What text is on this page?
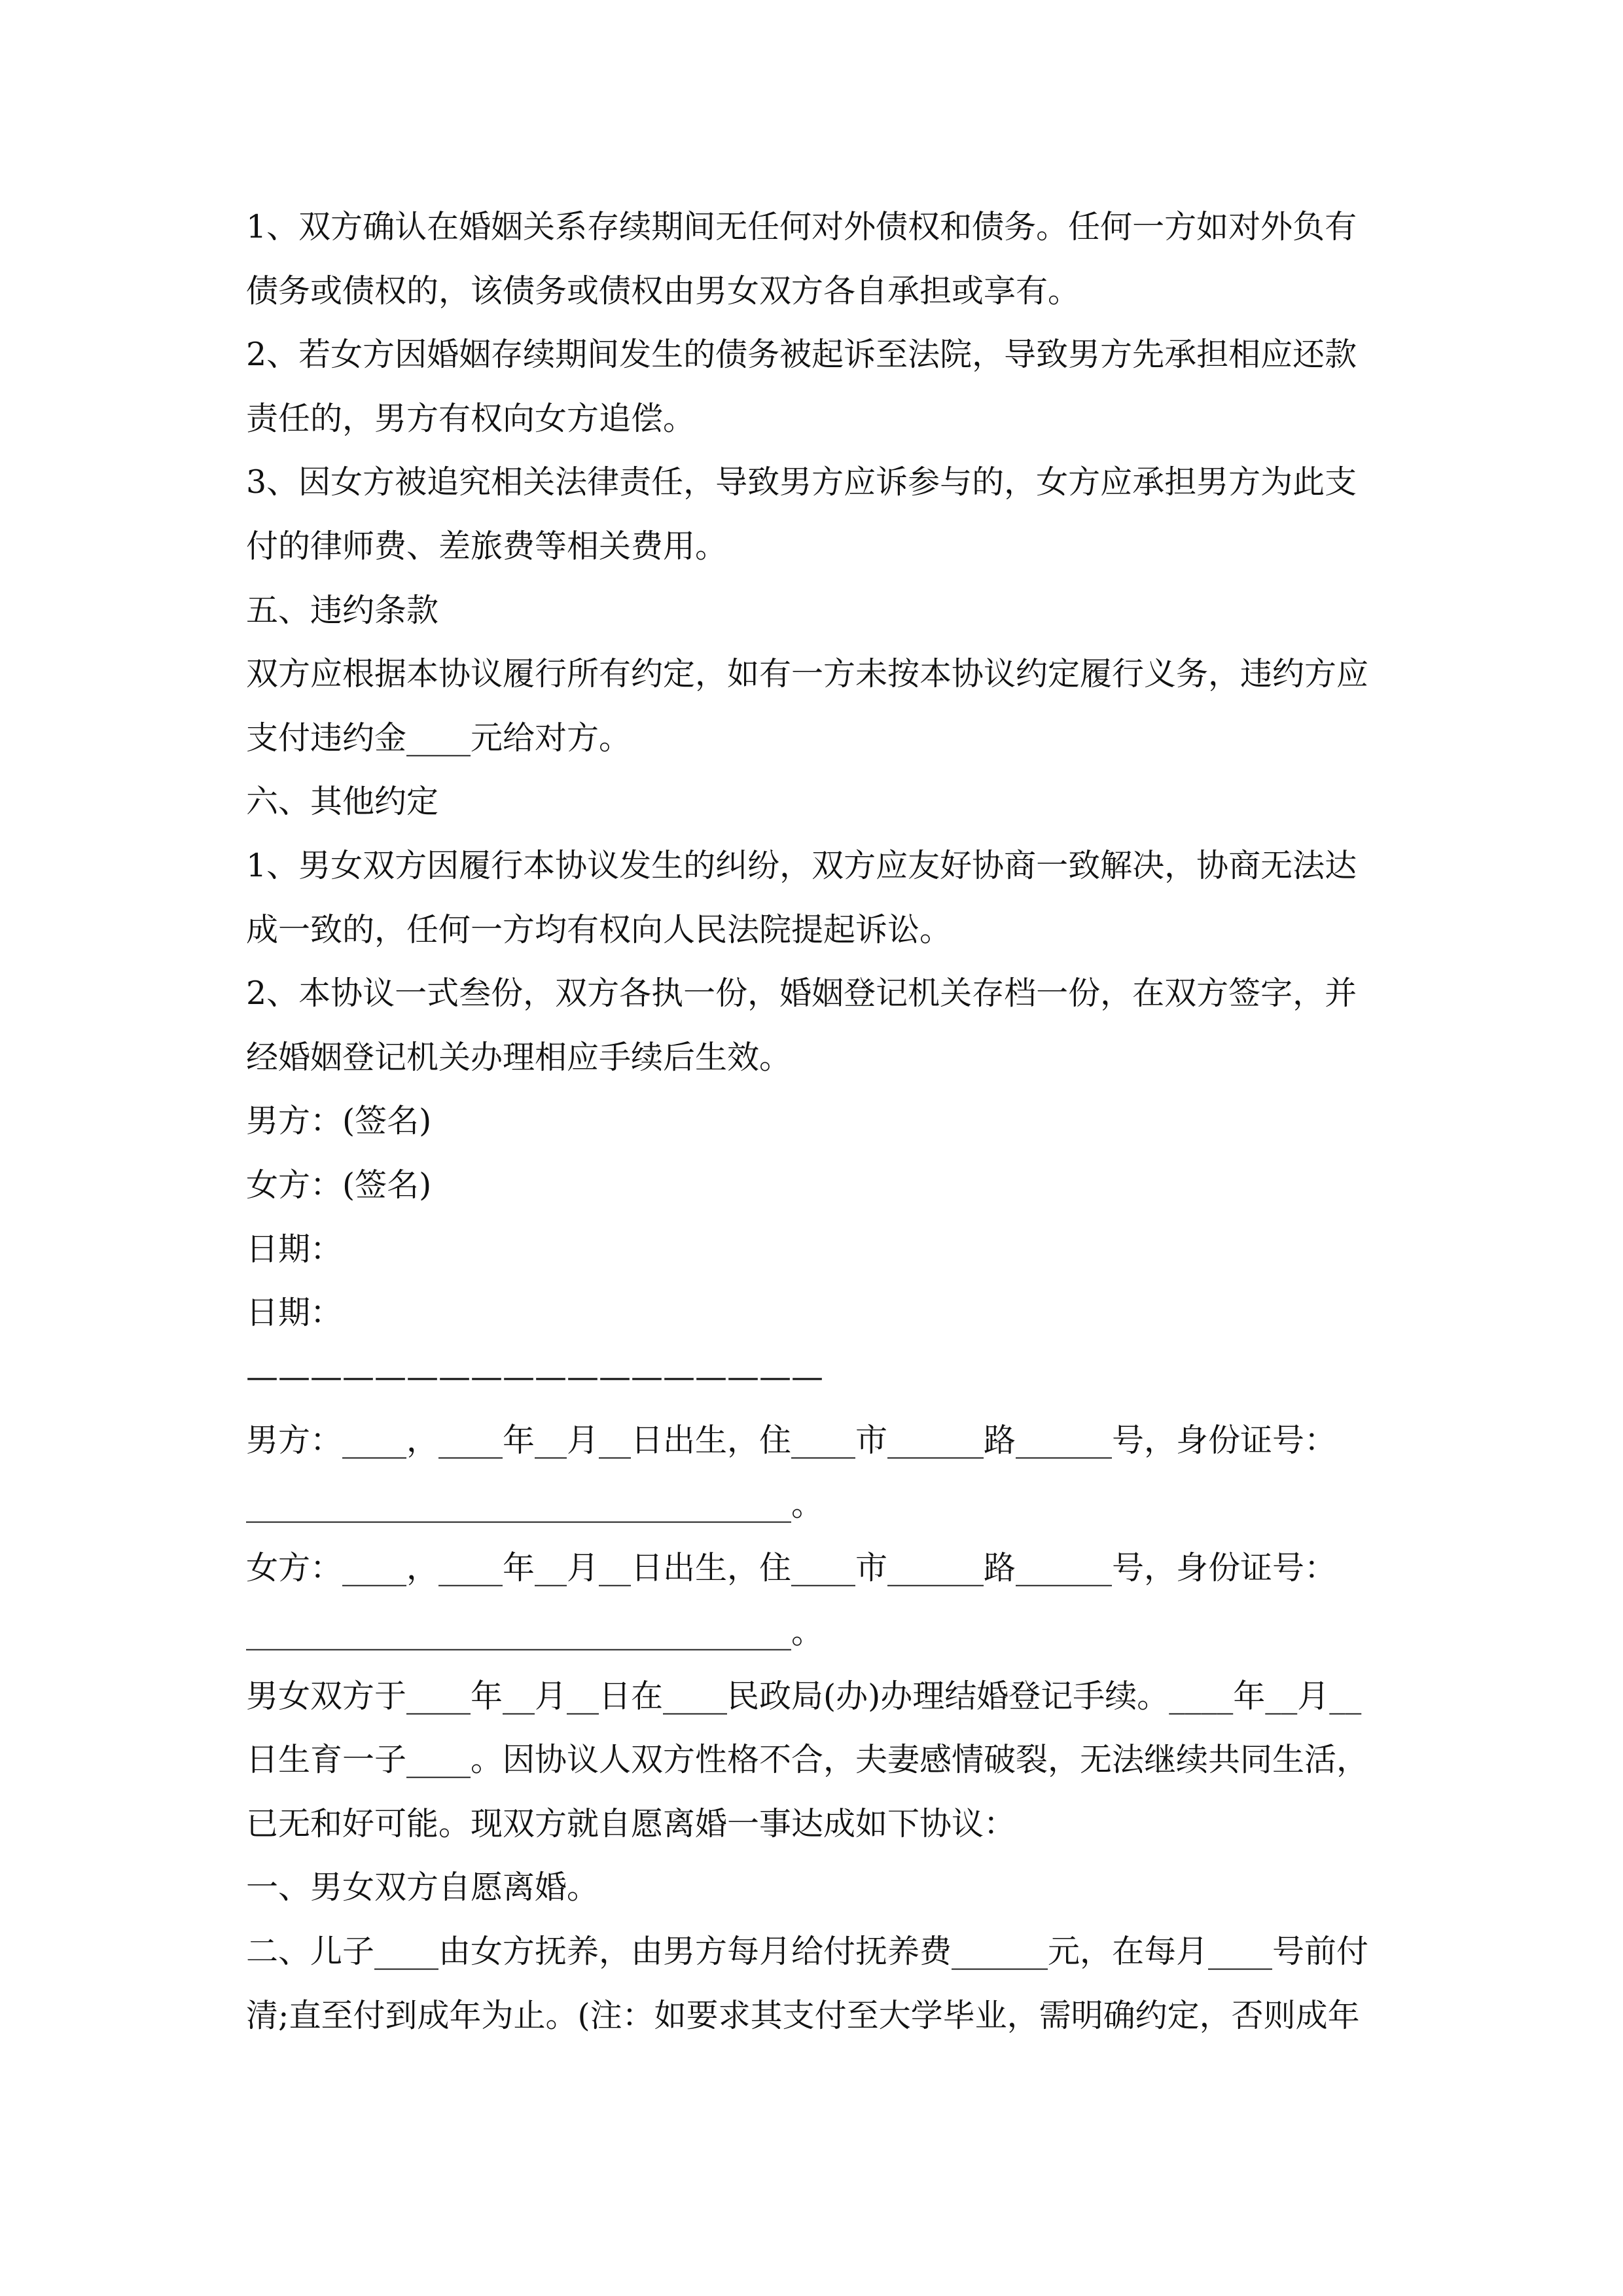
1、双方确认在婚姻关系存续期间无任何对外债权和债务。任何一方如对外负有
债务或债权的，该债务或债权由男女双方各自承担或享有。
2、若女方因婚姻存续期间发生的债务被起诉至法院，导致男方先承担相应还款
责任的，男方有权向女方追偿。
3、因女方被追究相关法律责任，导致男方应诉参与的，女方应承担男方为此支
付的律师费、差旅费等相关费用。
五、违约条款
双方应根据本协议履行所有约定，如有一方未按本协议约定履行义务，违约方应
支付违约金____元给对方。
六、其他约定
1、男女双方因履行本协议发生的纠纷，双方应友好协商一致解决，协商无法达
成一致的，任何一方均有权向人民法院提起诉讼。
2、本协议一式叁份，双方各执一份，婚姻登记机关存档一份，在双方签字，并
经婚姻登记机关办理相应手续后生效。
男方：(签名)
女方：(签名)
日期：
日期：
——————————————————
男方：____，____年__月__日出生，住____市______路______号，身份证号：
__________________________________。
女方：____，____年__月__日出生，住____市______路______号，身份证号：
__________________________________。
男女双方于____年__月__日在____民政局(办)办理结婚登记手续。____年__月__
日生育一子____。因协议人双方性格不合，夫妻感情破裂，无法继续共同生活，
已无和好可能。现双方就自愿离婚一事达成如下协议：
一、男女双方自愿离婚。
二、儿子____由女方抚养，由男方每月给付抚养费______元，在每月____号前付
清;直至付到成年为止。(注：如要求其支付至大学毕业，需明确约定，否则成年
